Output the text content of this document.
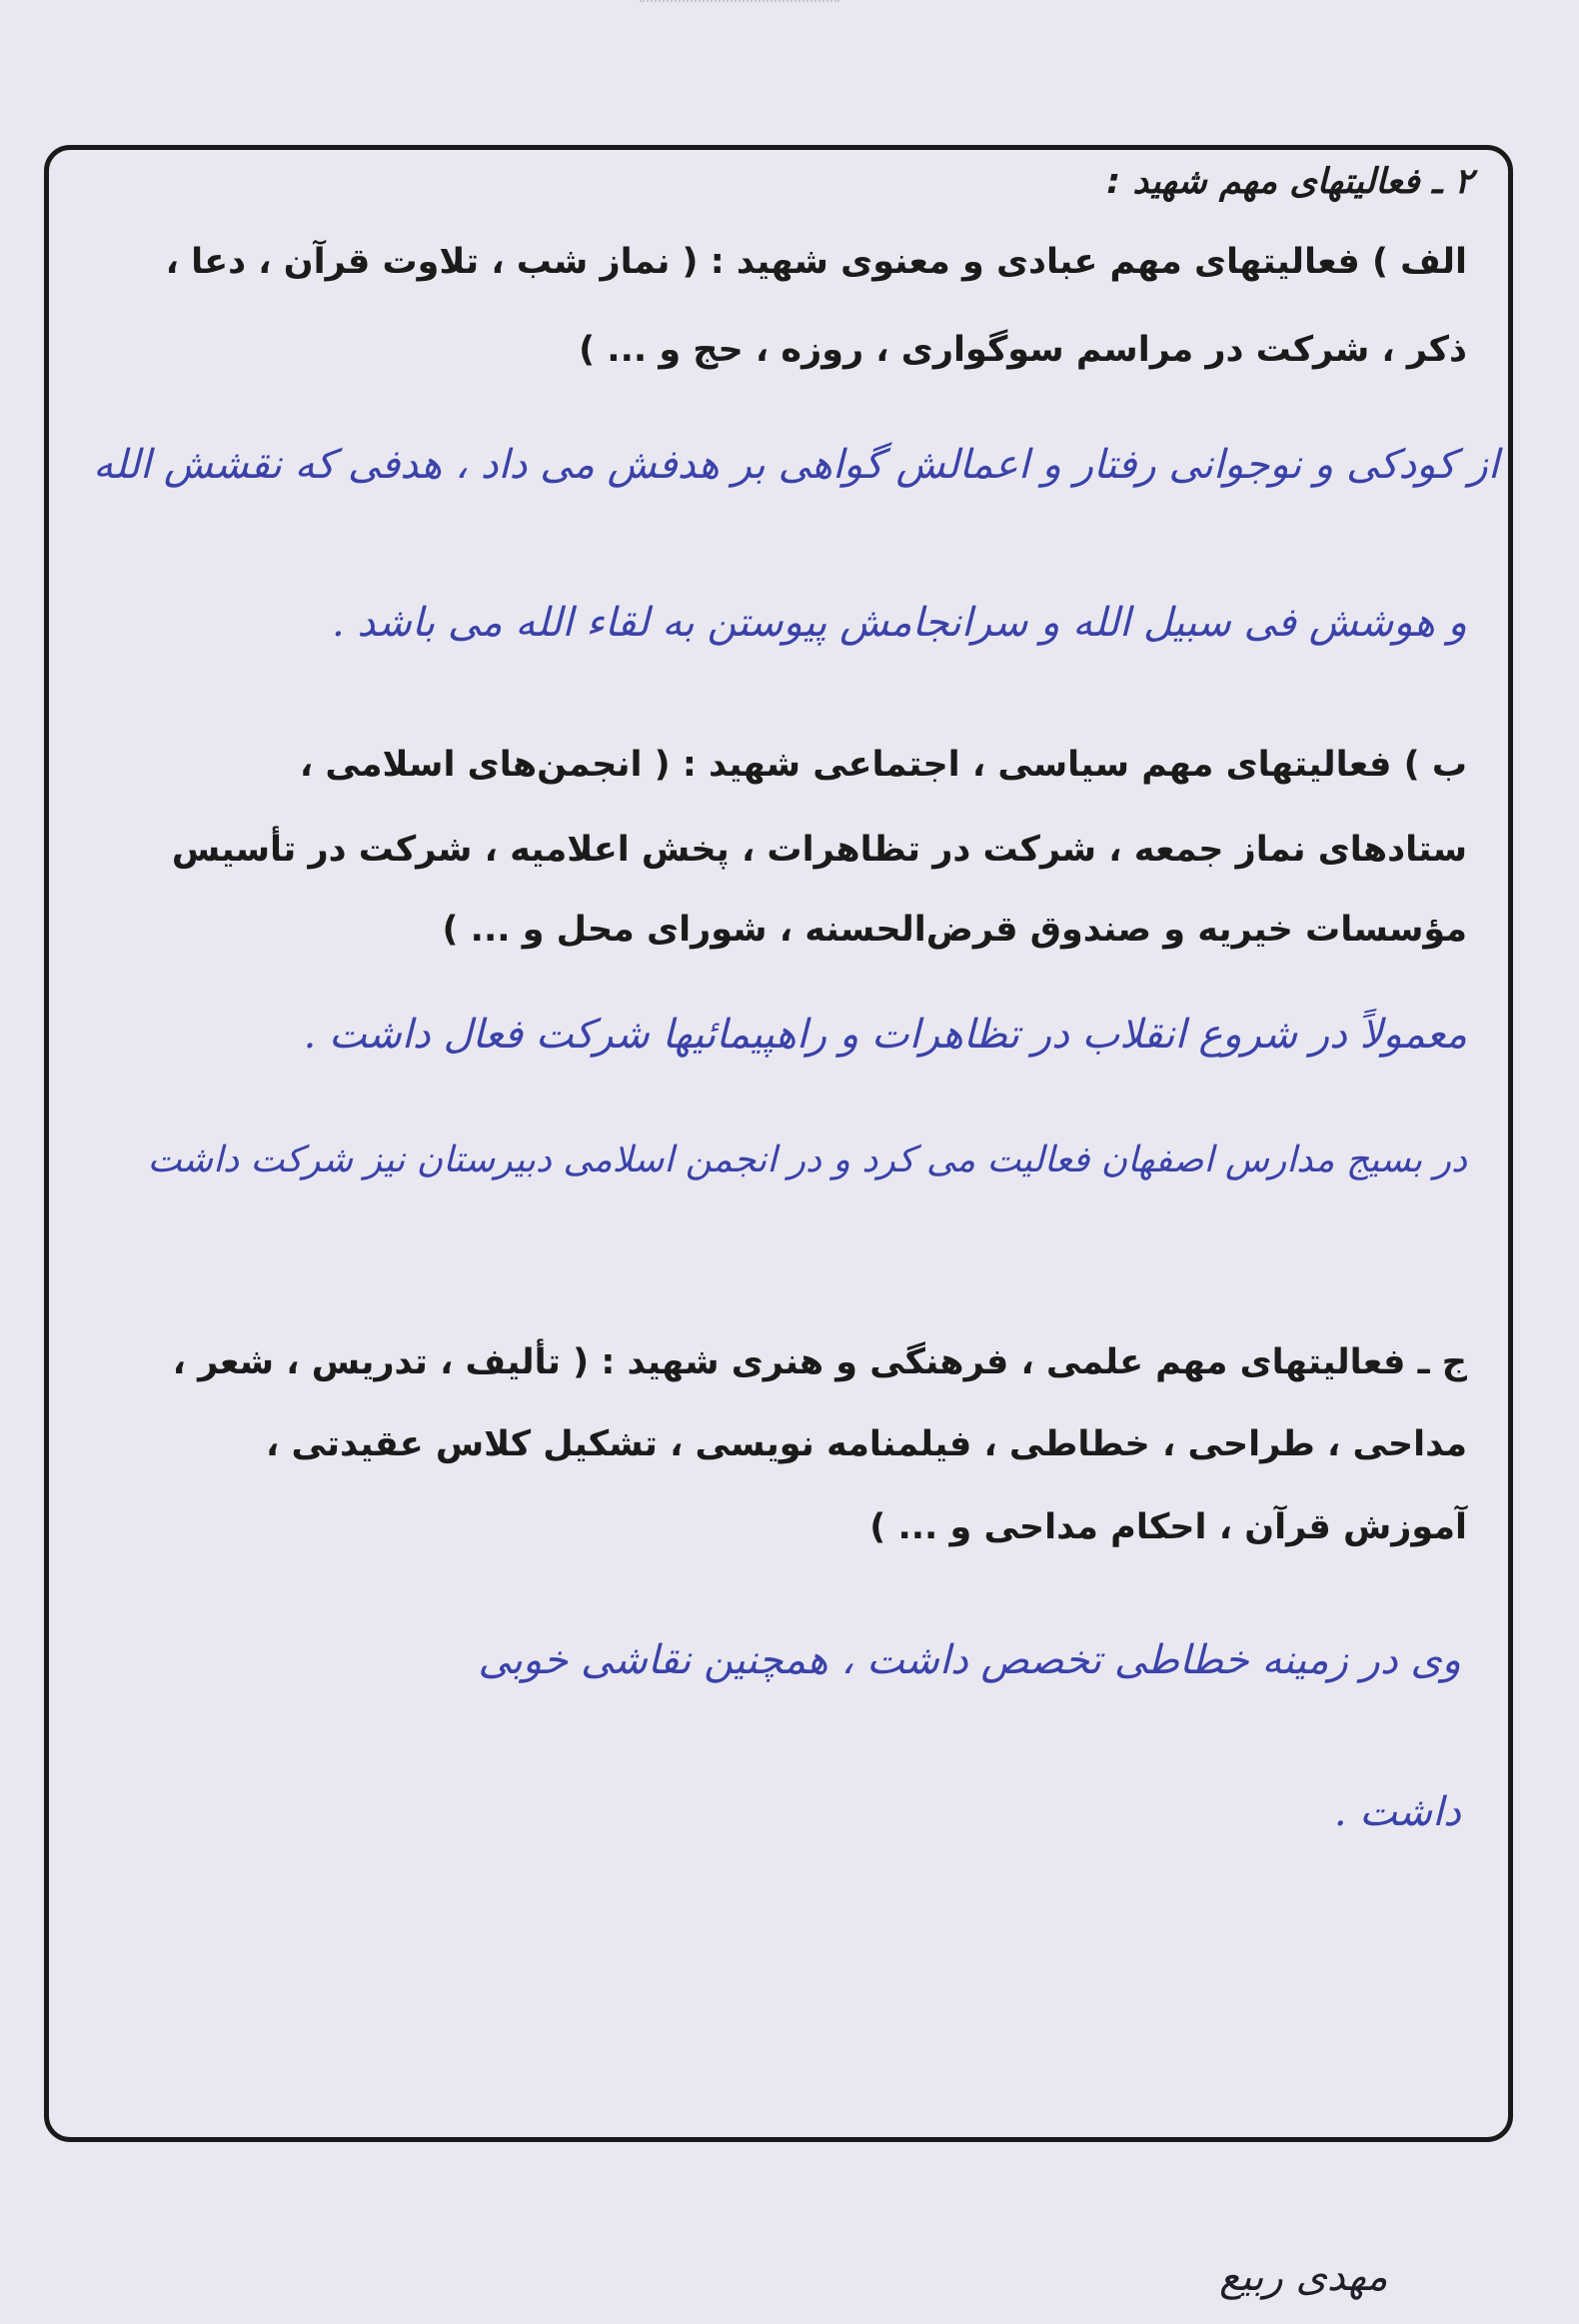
۲ ـ فعالیتهای مهم شهید :

الف ) فعالیتهای مهم عبادی و معنوی شهید : ( نماز شب ، تلاوت قرآن ، دعا ،

ذکر ، شرکت در مراسم سوگواری ، روزه ، حج و ... )

از کودکی و نوجوانی رفتار و اعمالش گواهی بر هدفش می داد ، هدفی که نقشش الله

و هوشش فی سبیل الله و سرانجامش پیوستن به لقاء الله می باشد .

ب ) فعالیتهای مهم سیاسی ، اجتماعی شهید : ( انجمن‌های اسلامی ،

ستادهای نماز جمعه ، شرکت در تظاهرات ، پخش اعلامیه ، شرکت در تأسیس

مؤسسات خیریه و صندوق قرض‌الحسنه ، شورای محل و ... )

معمولاً در شروع انقلاب در تظاهرات و راهپیمائیها شرکت فعال داشت .

در بسیج مدارس اصفهان فعالیت می کرد و در انجمن اسلامی دبیرستان نیز شرکت داشت

ج ـ فعالیتهای مهم علمی ، فرهنگی و هنری شهید : ( تألیف ، تدریس ، شعر ،

مداحی ، طراحی ، خطاطی ، فیلمنامه نویسی ، تشکیل کلاس عقیدتی ،

آموزش قرآن ، احکام مداحی و ... )

وی در زمینه خطاطی تخصص داشت ، همچنین نقاشی خوبی

داشت .

مهدی ربیع
